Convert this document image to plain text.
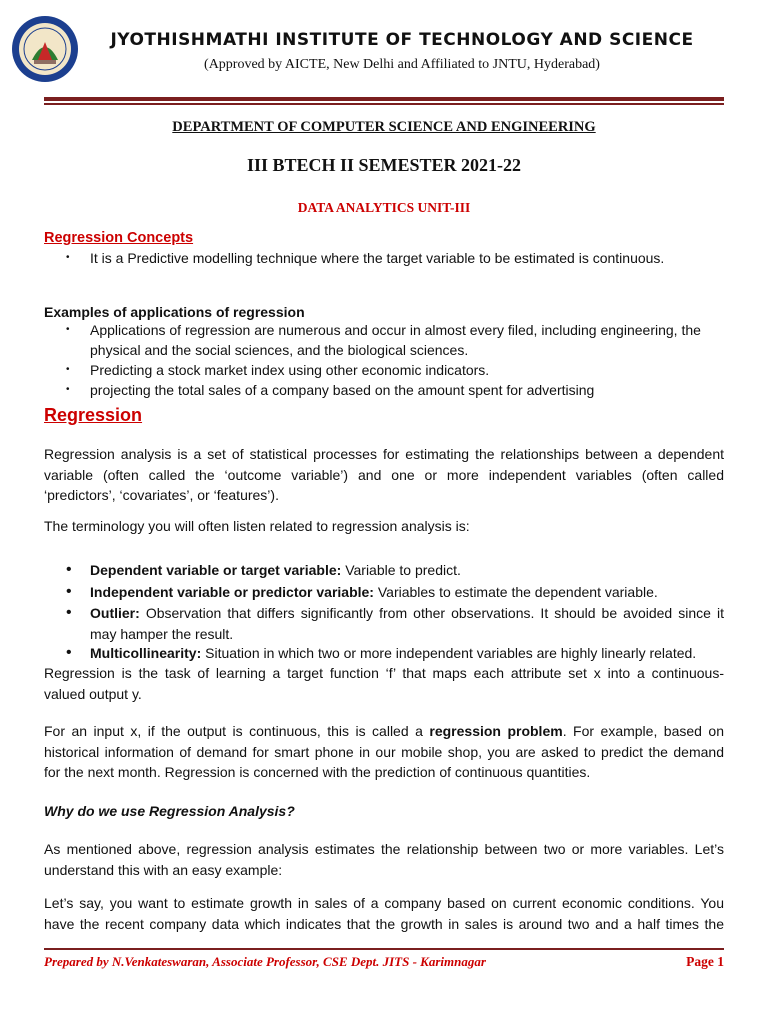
JYOTHISHMATHI INSTITUTE OF TECHNOLOGY AND SCIENCE
(Approved by AICTE, New Delhi and Affiliated to JNTU, Hyderabad)
DEPARTMENT OF COMPUTER SCIENCE AND ENGINEERING
III BTECH II SEMESTER 2021-22
DATA ANALYTICS UNIT-III
Regression Concepts
• It is a Predictive modelling technique where the target variable to be estimated is continuous.
Examples of applications of regression
• Applications of regression are numerous and occur in almost every filed, including engineering, the
physical and the social sciences, and the biological sciences.
• Predicting a stock market index using other economic indicators.
• projecting the total sales of a company based on the amount spent for advertising
Regression
Regression analysis is a set of statistical processes for estimating the relationships between a dependent
variable (often called the ‘outcome variable’) and one or more independent variables (often called
‘predictors’, ‘covariates’, or ‘features’).
The terminology you will often listen related to regression analysis is:
• Dependent variable or target variable: Variable to predict.
• Independent variable or predictor variable: Variables to estimate the dependent variable.
• Outlier: Observation that differs significantly from other observations. It should be avoided since it
may hamper the result.
• Multicollinearity: Situation in which two or more independent variables are highly linearly related.
Regression is the task of learning a target function ‘f’ that maps each attribute set x into a continuous-
valued output y.
For an input x, if the output is continuous, this is called a regression problem. For example, based on
historical information of demand for smart phone in our mobile shop, you are asked to predict the demand
for the next month. Regression is concerned with the prediction of continuous quantities.
Why do we use Regression Analysis?
As mentioned above, regression analysis estimates the relationship between two or more variables. Let’s
understand this with an easy example:
Let’s say, you want to estimate growth in sales of a company based on current economic conditions. You
have the recent company data which indicates that the growth in sales is around two and a half times the
Prepared by N.Venkateswaran, Associate Professor, CSE Dept. JITS - Karimnagar	Page 1
